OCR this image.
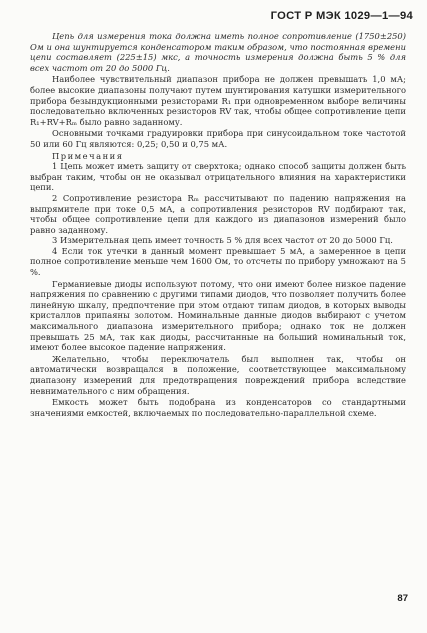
ГОСТ Р МЭК 1029—1—94

Цепь для измерения тока должна иметь полное сопротивление (1750±250) Ом и она шунтируется конденсатором таким образом, что постоянная времени цепи составляет (225±15) мкс, а точность измерения должна быть 5 % для всех частот от 20 до 5000 Гц.

Наиболее чувствительный диапазон прибора не должен превышать 1,0 мА; более высокие диапазоны получают путем шунтирования катушки измерительного прибора безындукционными резисторами R₁ при одновременном выборе величины последовательно включенных резисторов RV так, чтобы общее сопротивление цепи R₁+RV+Rₘ было равно заданному.

Основными точками градуировки прибора при синусоидальном токе частотой 50 или 60 Гц являются: 0,25; 0,50 и 0,75 мА.

Примечания

1 Цепь может иметь защиту от сверхтока; однако способ защиты должен быть выбран таким, чтобы он не оказывал отрицательного влияния на характеристики цепи.

2 Сопротивление резистора Rₘ рассчитывают по падению напряжения на выпрямителе при токе 0,5 мА, а сопротивления резисторов RV подбирают так, чтобы общее сопротивление цепи для каждого из диапазонов измерений было равно заданному.

3 Измерительная цепь имеет точность 5 % для всех частот от 20 до 5000 Гц.

4 Если ток утечки в данный момент превышает 5 мА, а замеренное в цепи полное сопротивление меньше чем 1600 Ом, то отсчеты по прибору умножают на 5 %.

Германиевые диоды используют потому, что они имеют более низкое падение напряжения по сравнению с другими типами диодов, что позволяет получить более линейную шкалу, предпочтение при этом отдают типам диодов, в которых выводы кристаллов припаяны золотом. Номинальные данные диодов выбирают с учетом максимального диапазона измерительного прибора; однако ток не должен превышать 25 мА, так как диоды, рассчитанные на больший номинальный ток, имеют более высокое падение напряжения.

Желательно, чтобы переключатель был выполнен так, чтобы он автоматически возвращался в положение, соответствующее максимальному диапазону измерений для предотвращения повреждений прибора вследствие невнимательного с ним обращения.

Емкость может быть подобрана из конденсаторов со стандартными значениями емкостей, включаемых по последовательно-параллельной схеме.

87
